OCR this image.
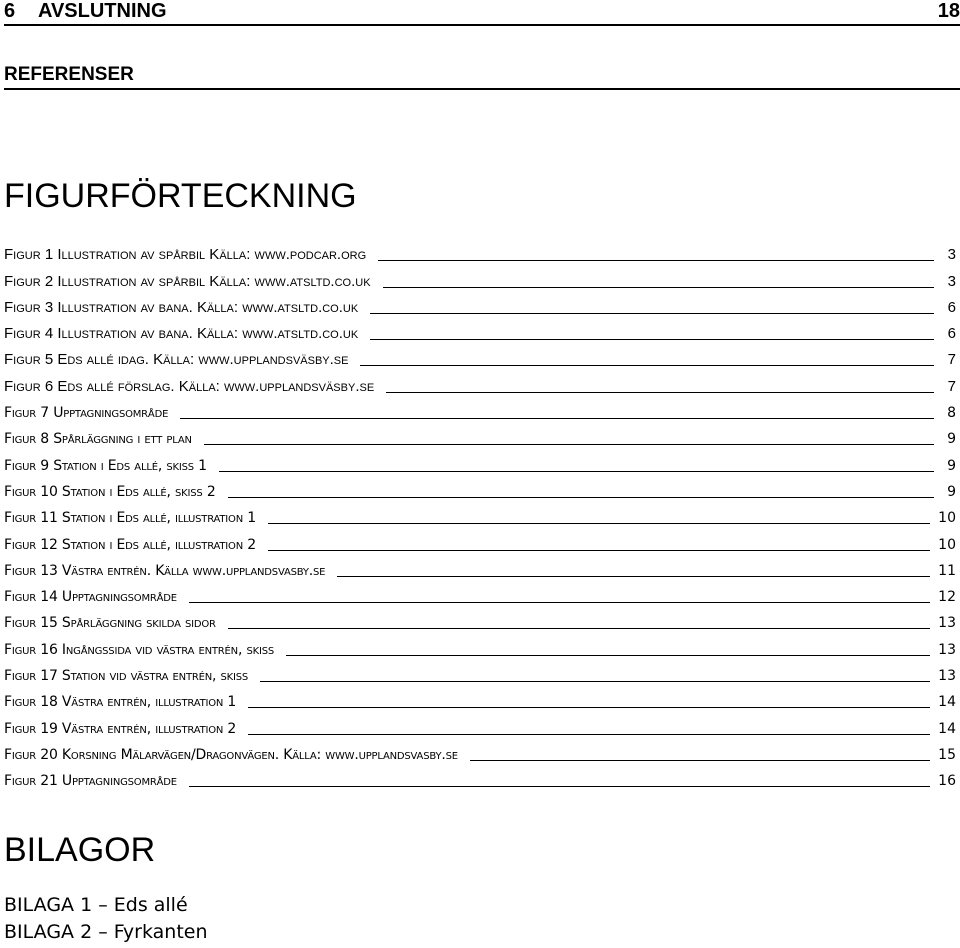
6 AVSLUTNING	18
REFERENSER
FIGURFÖRTECKNING
Figur 1 Illustration av spårbil Källa: www.podcar.org	3
Figur 2 Illustration av spårbil Källa: www.atsltd.co.uk	3
Figur 3 Illustration av bana. Källa: www.atsltd.co.uk	6
Figur 4 Illustration av bana. Källa: www.atsltd.co.uk	6
Figur 5 Eds allé idag. Källa: www.upplandsväsby.se	7
Figur 6 Eds allé förslag. Källa: www.upplandsväsby.se	7
Figur 7 Upptagningsområde	8
Figur 8 Spårläggning i ett plan	9
Figur 9 Station i Eds allé, skiss 1	9
Figur 10 Station i Eds allé, skiss 2	9
Figur 11 Station i Eds allé, illustration 1	10
Figur 12 Station i Eds allé, illustration 2	10
Figur 13 Västra entrén. Källa www.upplandsvasby.se	11
Figur 14 Upptagningsområde	12
Figur 15 Spårläggning skilda sidor	13
Figur 16 Ingångssida vid västra entrén, skiss	13
Figur 17 Station vid västra entrén, skiss	13
Figur 18 Västra entrén, illustration 1	14
Figur 19 Västra entrén, illustration 2	14
Figur 20 Korsning Mälarvägen/Dragonvägen. Källa: www.upplandsvasby.se	15
Figur 21 Upptagningsområde	16
BILAGOR
BILAGA 1 – Eds allé
BILAGA 2 – Fyrkanten
